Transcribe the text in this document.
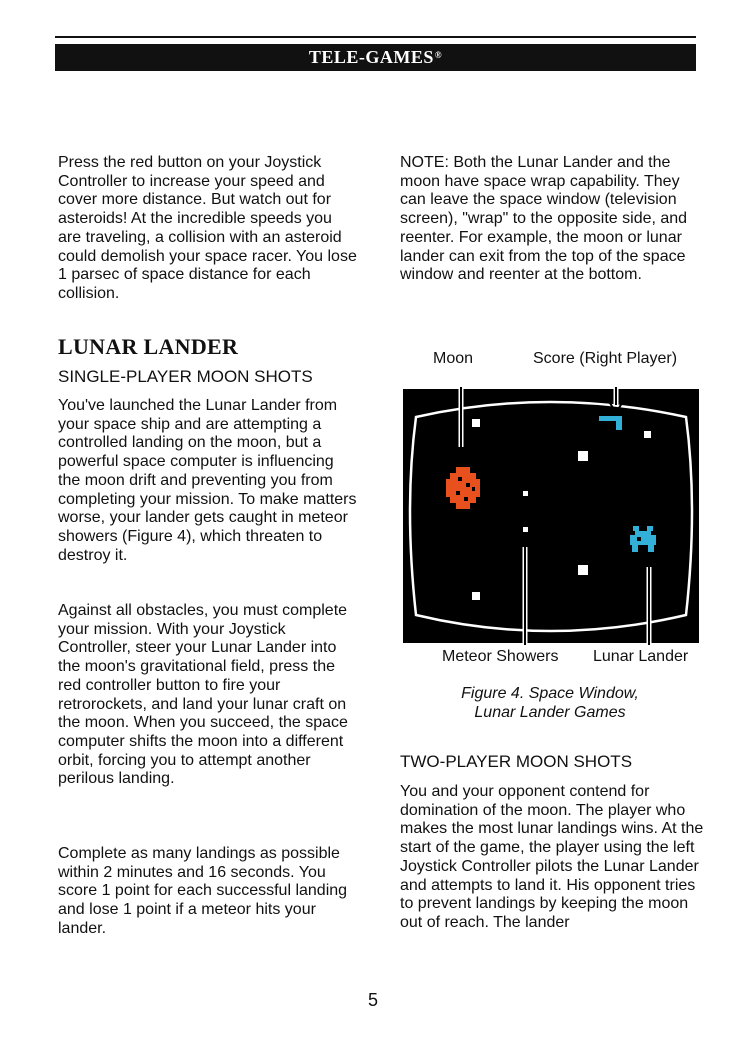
TELE-GAMES®

Press the red button on your Joystick Controller to increase your speed and cover more distance. But watch out for asteroids! At the incredible speeds you are traveling, a collision with an asteroid could demolish your space racer. You lose 1 parsec of space distance for each collision.

LUNAR LANDER
SINGLE-PLAYER MOON SHOTS

You've launched the Lunar Lander from your space ship and are attempting a controlled landing on the moon, but a powerful space computer is influencing the moon drift and preventing you from completing your mission. To make matters worse, your lander gets caught in meteor showers (Figure 4), which threaten to destroy it.

Against all obstacles, you must complete your mission. With your Joystick Controller, steer your Lunar Lander into the moon's gravitational field, press the red controller button to fire your retrorockets, and land your lunar craft on the moon. When you succeed, the space computer shifts the moon into a different orbit, forcing you to attempt another perilous landing.

Complete as many landings as possible within 2 minutes and 16 seconds. You score 1 point for each successful landing and lose 1 point if a meteor hits your lander.

NOTE: Both the Lunar Lander and the moon have space wrap capability. They can leave the space window (television screen), "wrap" to the opposite side, and reenter. For example, the moon or lunar lander can exit from the top of the space window and reenter at the bottom.

Moon	Score (Right Player)
Meteor Showers Lunar Lander
Figure 4. Space Window,
Lunar Lander Games
TWO-PLAYER MOON SHOTS

You and your opponent contend for domination of the moon. The player who makes the most lunar landings wins. At the start of the game, the player using the left Joystick Controller pilots the Lunar Lander and attempts to land it. His opponent tries to prevent landings by keeping the moon out of reach. The lander

5
